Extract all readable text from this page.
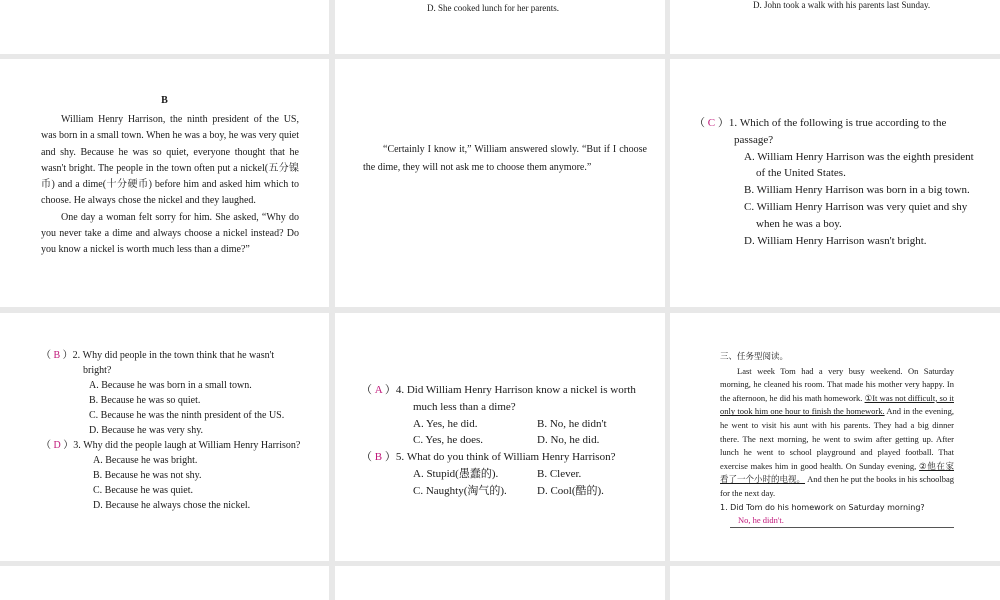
D. She cooked lunch for her parents.	D. John took a walk with his parents last Sunday.
B

William Henry Harrison, the ninth president of the US, was born in a small town. When he was a boy, he was very quiet and shy. Because he was so quiet, everyone thought that he wasn't bright. The people in the town often put a nickel(五分镍币) and a dime(十分硬币) before him and asked him which to choose. He always chose the nickel and they laughed.

One day a woman felt sorry for him. She asked, “Why do you never take a dime and always choose a nickel instead? Do you know a nickel is worth much less than a dime?”

“Certainly I know it,” William answered slowly. “But if I choose the dime, they will not ask me to choose them anymore.”

（ C ）1. Which of the following is true according to the passage?
A. William Henry Harrison was the eighth president of the United States.
B. William Henry Harrison was born in a big town.
C. William Henry Harrison was very quiet and shy when he was a boy.
D. William Henry Harrison wasn't bright.
（ B ）2. Why did people in the town think that he wasn't bright?
A. Because he was born in a small town.
B. Because he was so quiet.
C. Because he was the ninth president of the US.
D. Because he was very shy.
（ D ）3. Why did the people laugh at William Henry Harrison?
A. Because he was bright.
B. Because he was not shy.
C. Because he was quiet.
D. Because he always chose the nickel.
（ A ）4. Did William Henry Harrison know a nickel is worth much less than a dime?
A. Yes, he did.	B. No, he didn't
C. Yes, he does.	D. No, he did.
（ B ）5. What do you think of William Henry Harrison?
A. Stupid(愚蠢的).	B. Clever.
C. Naughty(淘气的).	D. Cool(酷的).
三、任务型阅读。

Last week Tom had a very busy weekend. On Saturday morning, he cleaned his room. That made his mother very happy. In the afternoon, he did his math homework. ①It was not difficult, so it only took him one hour to finish the homework. And in the evening, he went to visit his aunt with his parents. They had a big dinner there. The next morning, he went to swim after getting up. After lunch he went to school playground and played football. That exercise makes him in good health. On Sunday evening, ②他在家看了一个小时的电视。 And then he put the books in his schoolbag for the next day.

1. Did Tom do his homework on Saturday morning?
No, he didn't.
